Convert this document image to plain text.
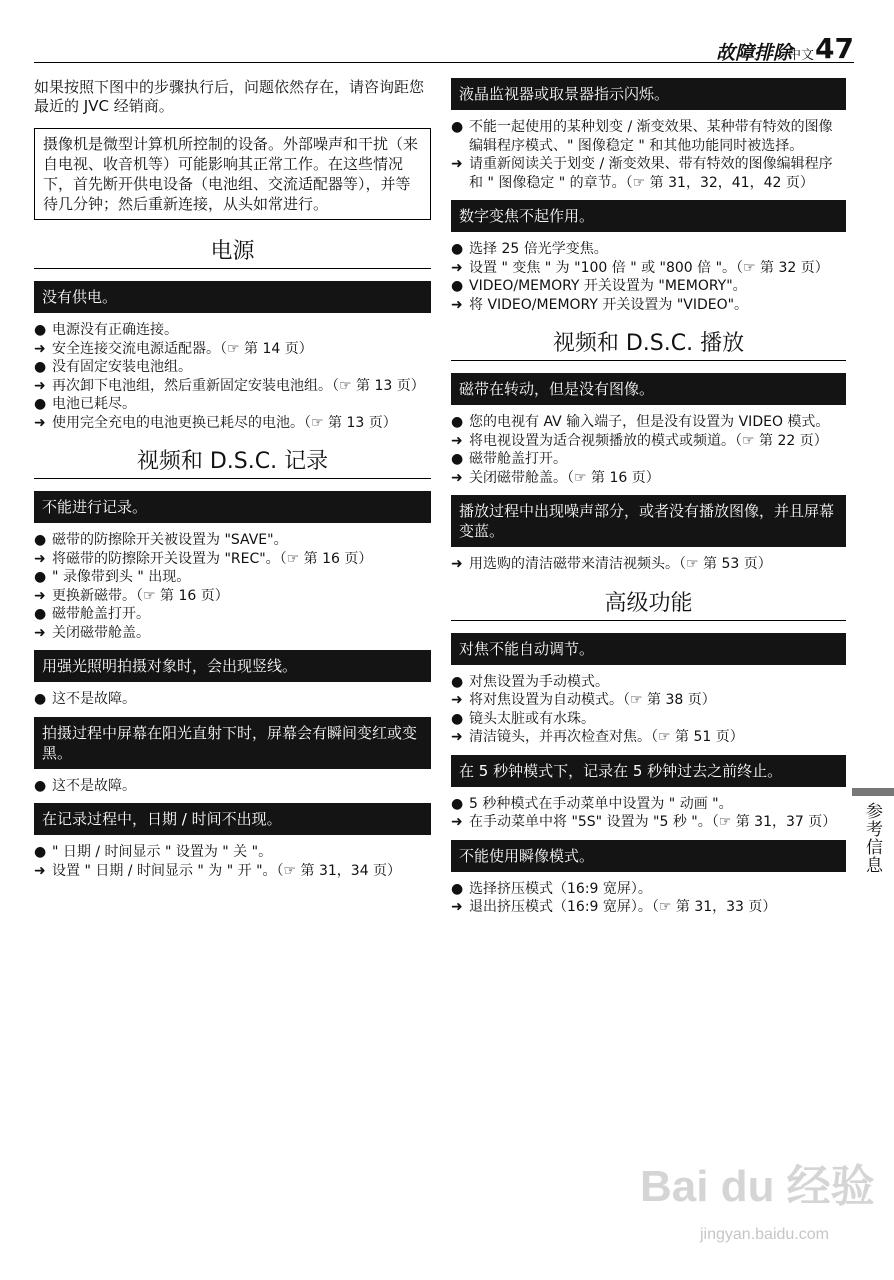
故障排除
中文 47
如果按照下图中的步骤执行后，问题依然存在，请咨询距您最近的 JVC 经销商。
摄像机是微型计算机所控制的设备。外部噪声和干扰（来自电视、收音机等）可能影响其正常工作。在这些情况下，首先断开供电设备（电池组、交流适配器等），并等待几分钟；然后重新连接，从头如常进行。
电源
没有供电。
● 电源没有正确连接。
➜ 安全连接交流电源适配器。（☞ 第 14 页）
● 没有固定安装电池组。
➜ 再次卸下电池组，然后重新固定安装电池组。（☞ 第 13 页）
● 电池已耗尽。
➜ 使用完全充电的电池更换已耗尽的电池。（☞ 第 13 页）
视频和 D.S.C. 记录
不能进行记录。
● 磁带的防擦除开关被设置为 "SAVE"。
➜ 将磁带的防擦除开关设置为 "REC"。（☞ 第 16 页）
● " 录像带到头 " 出现。
➜ 更换新磁带。（☞ 第 16 页）
● 磁带舱盖打开。
➜ 关闭磁带舱盖。
用强光照明拍摄对象时，会出现竖线。
● 这不是故障。
拍摄过程中屏幕在阳光直射下时，屏幕会有瞬间变红或变黑。
● 这不是故障。
在记录过程中，日期 / 时间不出现。
● " 日期 / 时间显示 " 设置为 " 关 "。
➜ 设置 " 日期 / 时间显示 " 为 " 开 "。（☞ 第 31，34 页）
液晶监视器或取景器指示闪烁。
● 不能一起使用的某种划变 / 渐变效果、某种带有特效的图像编辑程序模式、" 图像稳定 " 和其他功能同时被选择。
➜ 请重新阅读关于划变 / 渐变效果、带有特效的图像编辑程序和 " 图像稳定 " 的章节。（☞ 第 31，32，41，42 页）
数字变焦不起作用。
● 选择 25 倍光学变焦。
➜ 设置 " 变焦 " 为 "100 倍 " 或 "800 倍 "。（☞ 第 32 页）
● VIDEO/MEMORY 开关设置为 "MEMORY"。
➜ 将 VIDEO/MEMORY 开关设置为 "VIDEO"。
视频和 D.S.C. 播放
磁带在转动，但是没有图像。
● 您的电视有 AV 输入端子，但是没有设置为 VIDEO 模式。
➜ 将电视设置为适合视频播放的模式或频道。（☞ 第 22 页）
● 磁带舱盖打开。
➜ 关闭磁带舱盖。（☞ 第 16 页）
播放过程中出现噪声部分，或者没有播放图像，并且屏幕变蓝。
➜ 用选购的清洁磁带来清洁视频头。（☞ 第 53 页）
高级功能
对焦不能自动调节。
● 对焦设置为手动模式。
➜ 将对焦设置为自动模式。（☞ 第 38 页）
● 镜头太脏或有水珠。
➜ 清洁镜头，并再次检查对焦。（☞ 第 51 页）
在 5 秒钟模式下，记录在 5 秒钟过去之前终止。
● 5 秒种模式在手动菜单中设置为 " 动画 "。
➜ 在手动菜单中将 "5S" 设置为 "5 秒 "。（☞ 第 31，37 页）
不能使用瞬像模式。
● 选择挤压模式（16:9 宽屏）。
➜ 退出挤压模式（16:9 宽屏）。（☞ 第 31，33 页）
参考信息
Bai du 经验
jingyan.baidu.com
